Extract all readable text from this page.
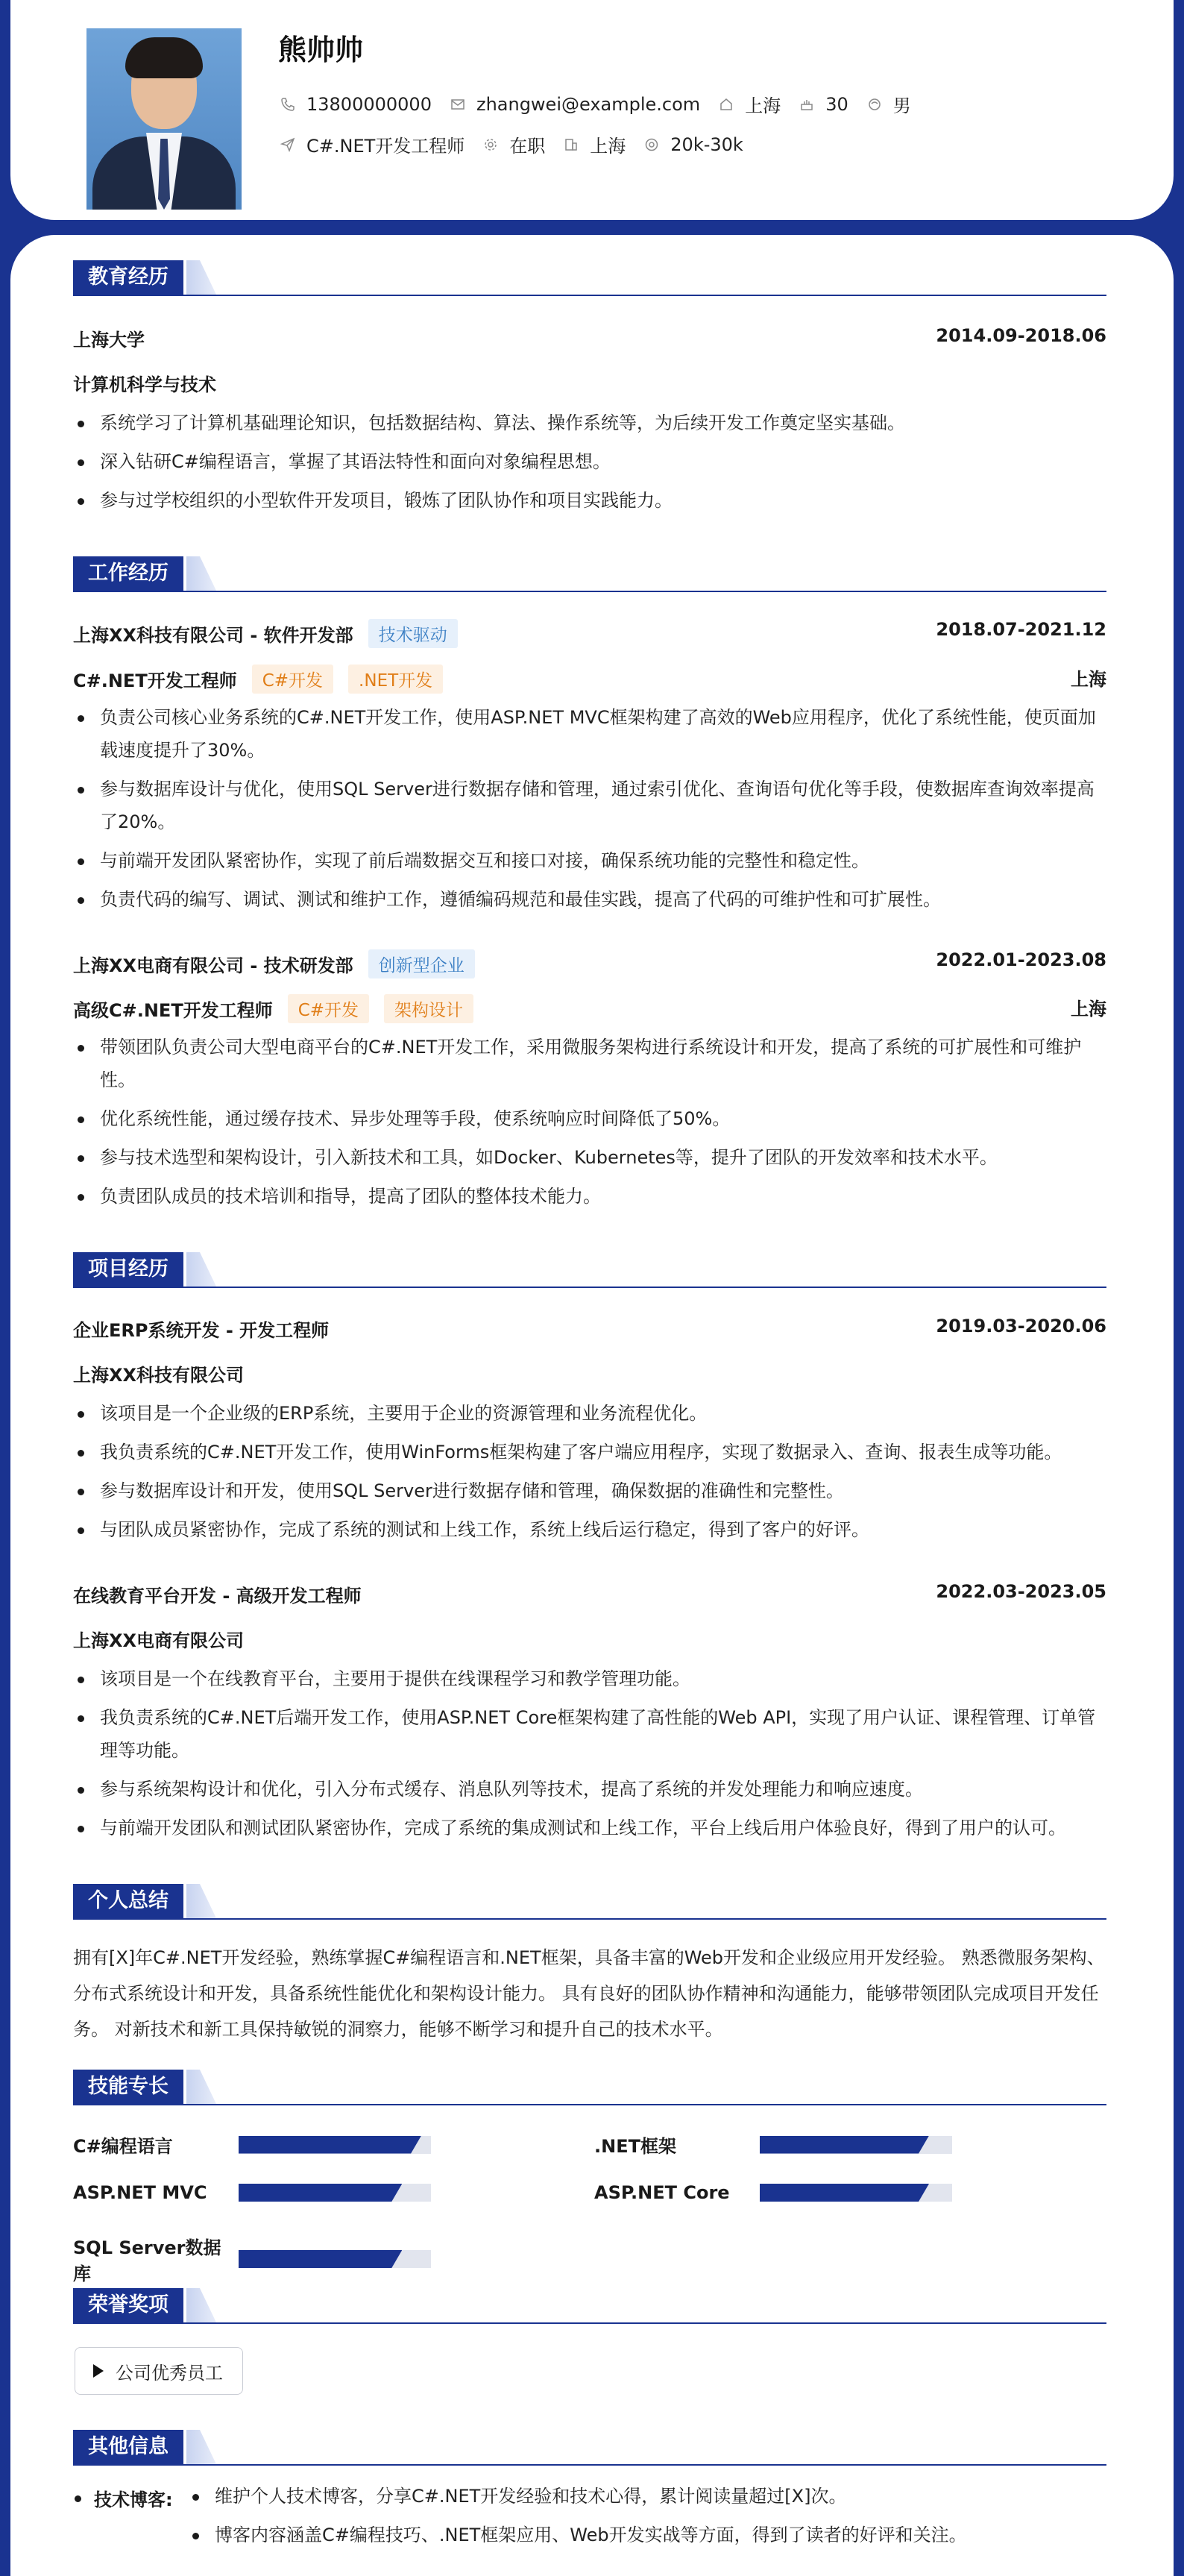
熊帅帅
13800000000	zhangwei@example.com	上海	30	男
C#.NET开发工程师	在职	上海	20k-30k
教育经历
上海大学	2014.09-2018.06
计算机科学与技术
系统学习了计算机基础理论知识，包括数据结构、算法、操作系统等，为后续开发工作奠定坚实基础。
深入钻研C#编程语言，掌握了其语法特性和面向对象编程思想。
参与过学校组织的小型软件开发项目，锻炼了团队协作和项目实践能力。
工作经历
上海XX科技有限公司 - 软件开发部	技术驱动	2018.07-2021.12
C#.NET开发工程师	C#开发	.NET开发	上海
负责公司核心业务系统的C#.NET开发工作，使用ASP.NET MVC框架构建了高效的Web应用程序，优化了系统性能，使页面加载速度提升了30%。
参与数据库设计与优化，使用SQL Server进行数据存储和管理，通过索引优化、查询语句优化等手段，使数据库查询效率提高了20%。
与前端开发团队紧密协作，实现了前后端数据交互和接口对接，确保系统功能的完整性和稳定性。
负责代码的编写、调试、测试和维护工作，遵循编码规范和最佳实践，提高了代码的可维护性和可扩展性。
上海XX电商有限公司 - 技术研发部	创新型企业	2022.01-2023.08
高级C#.NET开发工程师	C#开发	架构设计	上海
带领团队负责公司大型电商平台的C#.NET开发工作，采用微服务架构进行系统设计和开发，提高了系统的可扩展性和可维护性。
优化系统性能，通过缓存技术、异步处理等手段，使系统响应时间降低了50%。
参与技术选型和架构设计，引入新技术和工具，如Docker、Kubernetes等，提升了团队的开发效率和技术水平。
负责团队成员的技术培训和指导，提高了团队的整体技术能力。
项目经历
企业ERP系统开发 - 开发工程师	2019.03-2020.06
上海XX科技有限公司
该项目是一个企业级的ERP系统，主要用于企业的资源管理和业务流程优化。
我负责系统的C#.NET开发工作，使用WinForms框架构建了客户端应用程序，实现了数据录入、查询、报表生成等功能。
参与数据库设计和开发，使用SQL Server进行数据存储和管理，确保数据的准确性和完整性。
与团队成员紧密协作，完成了系统的测试和上线工作，系统上线后运行稳定，得到了客户的好评。
在线教育平台开发 - 高级开发工程师	2022.03-2023.05
上海XX电商有限公司
该项目是一个在线教育平台，主要用于提供在线课程学习和教学管理功能。
我负责系统的C#.NET后端开发工作，使用ASP.NET Core框架构建了高性能的Web API，实现了用户认证、课程管理、订单管理等功能。
参与系统架构设计和优化，引入分布式缓存、消息队列等技术，提高了系统的并发处理能力和响应速度。
与前端开发团队和测试团队紧密协作，完成了系统的集成测试和上线工作，平台上线后用户体验良好，得到了用户的认可。
个人总结
拥有[X]年C#.NET开发经验，熟练掌握C#编程语言和.NET框架，具备丰富的Web开发和企业级应用开发经验。 熟悉微服务架构、分布式系统设计和开发，具备系统性能优化和架构设计能力。 具有良好的团队协作精神和沟通能力，能够带领团队完成项目开发任务。 对新技术和新工具保持敏锐的洞察力，能够不断学习和提升自己的技术水平。
技能专长
C#编程语言	.NET框架
ASP.NET MVC	ASP.NET Core
SQL Server数据库
荣誉奖项
公司优秀员工
其他信息
技术博客:	维护个人技术博客，分享C#.NET开发经验和技术心得，累计阅读量超过[X]次。
博客内容涵盖C#编程技巧、.NET框架应用、Web开发实战等方面，得到了读者的好评和关注。
